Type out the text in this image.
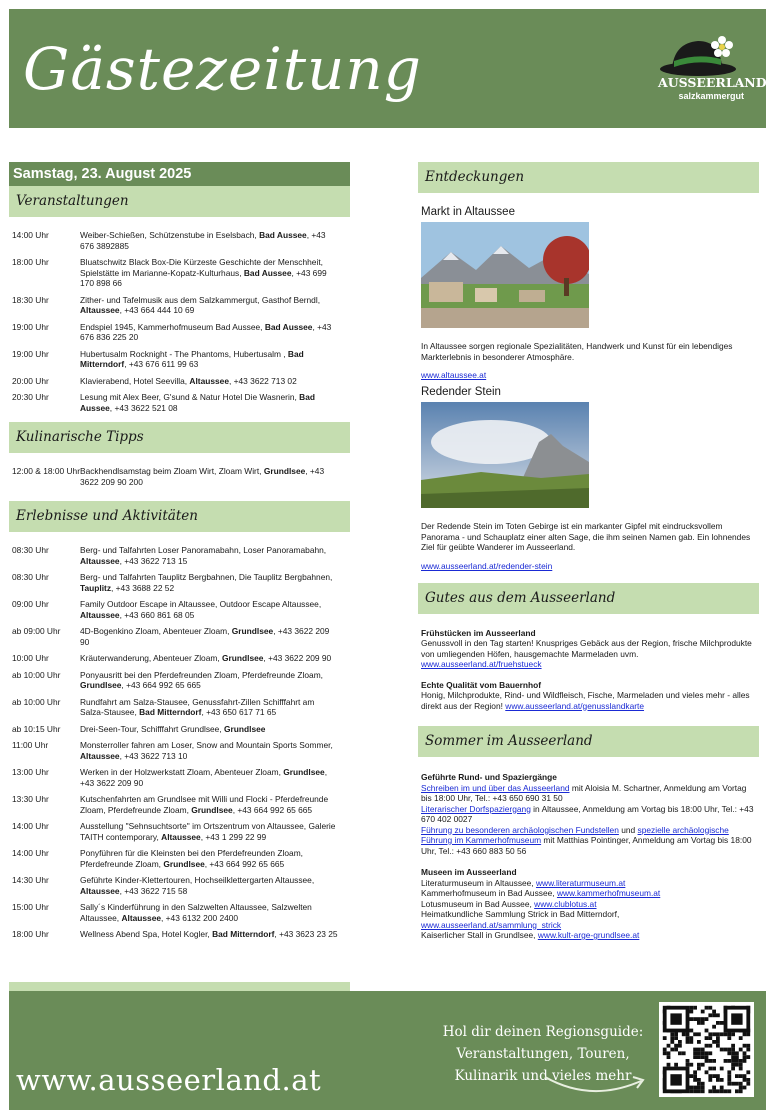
Gästezeitung	AUSSEERLAND
salzkammergut
Samstag, 23. August 2025
Veranstaltungen
14:00 Uhr	Weiber-Schießen, Schützenstube in Eselsbach, Bad Aussee, +43 676 3892885
18:00 Uhr	Bluatschwitz Black Box-Die Kürzeste Geschichte der Menschheit, Spielstätte im Marianne-Kopatz-Kulturhaus, Bad Aussee, +43 699 170 898 66
18:30 Uhr	Zither- und Tafelmusik aus dem Salzkammergut, Gasthof Berndl, Altaussee, +43 664 444 10 69
19:00 Uhr	Endspiel 1945, Kammerhofmuseum Bad Aussee, Bad Aussee, +43 676 836 225 20
19:00 Uhr	Hubertusalm Rocknight - The Phantoms, Hubertusalm , Bad Mitterndorf, +43 676 611 99 63
20:00 Uhr	Klavierabend, Hotel Seevilla, Altaussee, +43 3622 713 02
20:30 Uhr	Lesung mit Alex Beer, G'sund & Natur Hotel Die Wasnerin, Bad Aussee, +43 3622 521 08
Kulinarische Tipps
12:00 & 18:00 Uhr Backhendlsamstag beim Zloam Wirt, Zloam Wirt, Grundlsee, +43 3622 209 90 200
Erlebnisse und Aktivitäten
08:30 Uhr	Berg- und Talfahrten Loser Panoramabahn, Loser Panoramabahn, Altaussee, +43 3622 713 15
08:30 Uhr	Berg- und Talfahrten Tauplitz Bergbahnen, Die Tauplitz Bergbahnen, Tauplitz, +43 3688 22 52
09:00 Uhr	Family Outdoor Escape in Altaussee, Outdoor Escape Altaussee, Altaussee, +43 660 861 68 05
ab 09:00 Uhr	4D-Bogenkino Zloam, Abenteuer Zloam, Grundlsee, +43 3622 209 90
10:00 Uhr	Kräuterwanderung, Abenteuer Zloam, Grundlsee, +43 3622 209 90
ab 10:00 Uhr	Ponyausritt bei den Pferdefreunden Zloam, Pferdefreunde Zloam, Grundlsee, +43 664 992 65 665
ab 10:00 Uhr	Rundfahrt am Salza-Stausee, Genussfahrt-Zillen Schifffahrt am Salza-Stausee, Bad Mitterndorf, +43 650 617 71 65
ab 10:15 Uhr	Drei-Seen-Tour, Schifffahrt Grundlsee, Grundlsee
11:00 Uhr	Monsterroller fahren am Loser, Snow and Mountain Sports Sommer, Altaussee, +43 3622 713 10
13:00 Uhr	Werken in der Holzwerkstatt Zloam, Abenteuer Zloam, Grundlsee, +43 3622 209 90
13:30 Uhr	Kutschenfahrten am Grundlsee mit Willi und Flocki - Pferdefreunde Zloam, Pferdefreunde Zloam, Grundlsee, +43 664 992 65 665
14:00 Uhr	Ausstellung "Sehnsuchtsorte" im Ortszentrum von Altaussee, Galerie TAITH contemporary, Altaussee, +43 1 299 22 99
14:00 Uhr	Ponyführen für die Kleinsten bei den Pferdefreunden Zloam, Pferdefreunde Zloam, Grundlsee, +43 664 992 65 665
14:30 Uhr	Geführte Kinder-Klettertouren, Hochseilklettergarten Altaussee, Altaussee, +43 3622 715 58
15:00 Uhr	Sally´s Kinderführung in den Salzwelten Altaussee, Salzwelten Altaussee, Altaussee, +43 6132 200 2400
18:00 Uhr	Wellness Abend Spa, Hotel Kogler, Bad Mitterndorf, +43 3623 23 25
Entdeckungen
Markt in Altaussee
In Altaussee sorgen regionale Spezialitäten, Handwerk und Kunst für ein lebendiges Markterlebnis in besonderer Atmosphäre.
www.altaussee.at
Redender Stein
Der Redende Stein im Toten Gebirge ist ein markanter Gipfel mit eindrucksvollem Panorama - und Schauplatz einer alten Sage, die ihm seinen Namen gab. Ein lohnendes Ziel für geübte Wanderer im Ausseerland.
www.ausseerland.at/redender-stein
Gutes aus dem Ausseerland
Frühstücken im Ausseerland
Genussvoll in den Tag starten! Knuspriges Gebäck aus der Region, frische Milchprodukte von umliegenden Höfen, hausgemachte Marmeladen uvm.
www.ausseerland.at/fruehstueck
Echte Qualität vom Bauernhof
Honig, Milchprodukte, Rind- und Wildfleisch, Fische, Marmeladen und vieles mehr - alles direkt aus der Region! www.ausseerland.at/genusslandkarte
Sommer im Ausseerland
Geführte Rund- und Spaziergänge
Schreiben im und über das Ausseerland mit Aloisia M. Schartner, Anmeldung am Vortag bis 18:00 Uhr, Tel.: +43 650 690 31 50
Literarischer Dorfspaziergang in Altaussee, Anmeldung am Vortag bis 18:00 Uhr, Tel.: +43 670 402 0027
Führung zu besonderen archäologischen Fundstellen und spezielle archäologische Führung im Kammerhofmuseum mit Matthias Pointinger, Anmeldung am Vortag bis 18:00 Uhr, Tel.: +43 660 883 50 56
Museen im Ausseerland
Literaturmuseum in Altaussee, www.literaturmuseum.at
Kammerhofmuseum in Bad Aussee, www.kammerhofmuseum.at
Lotusmuseum in Bad Aussee, www.clublotus.at
Heimatkundliche Sammlung Strick in Bad Mitterndorf, www.ausseerland.at/sammlung_strick
Kaiserlicher Stall in Grundlsee, www.kult-arge-grundlsee.at
www.ausseerland.at
Hol dir deinen Regionsguide:
Veranstaltungen, Touren,
Kulinarik und vieles mehr
